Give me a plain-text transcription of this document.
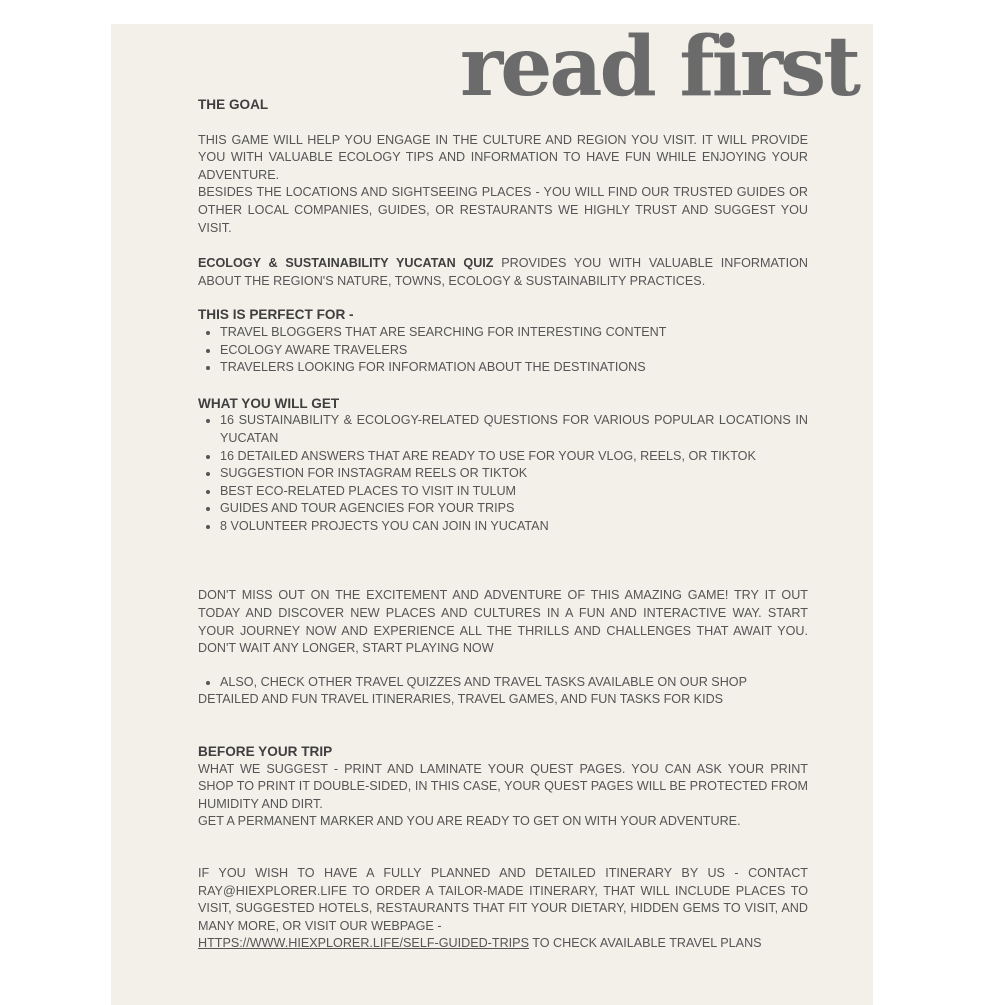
read first

THE GOAL

THIS GAME WILL HELP YOU ENGAGE IN THE CULTURE AND REGION YOU VISIT. IT WILL PROVIDE YOU WITH VALUABLE ECOLOGY TIPS AND INFORMATION TO HAVE FUN WHILE ENJOYING YOUR ADVENTURE.

BESIDES THE LOCATIONS AND SIGHTSEEING PLACES - YOU WILL FIND OUR TRUSTED GUIDES OR OTHER LOCAL COMPANIES, GUIDES, OR RESTAURANTS WE HIGHLY TRUST AND SUGGEST YOU VISIT.

ECOLOGY & SUSTAINABILITY YUCATAN QUIZ PROVIDES YOU WITH VALUABLE INFORMATION ABOUT THE REGION'S NATURE, TOWNS, ECOLOGY & SUSTAINABILITY PRACTICES.

THIS IS PERFECT FOR -

• TRAVEL BLOGGERS THAT ARE SEARCHING FOR INTERESTING CONTENT
• ECOLOGY AWARE TRAVELERS
• TRAVELERS LOOKING FOR INFORMATION ABOUT THE DESTINATIONS

WHAT YOU WILL GET

• 16 SUSTAINABILITY & ECOLOGY-RELATED QUESTIONS FOR VARIOUS POPULAR LOCATIONS IN YUCATAN
• 16 DETAILED ANSWERS THAT ARE READY TO USE FOR YOUR VLOG, REELS, OR TIKTOK
• SUGGESTION FOR INSTAGRAM REELS OR TIKTOK
• BEST ECO-RELATED PLACES TO VISIT IN TULUM
• GUIDES AND TOUR AGENCIES FOR YOUR TRIPS
• 8 VOLUNTEER PROJECTS YOU CAN JOIN IN YUCATAN

DON'T MISS OUT ON THE EXCITEMENT AND ADVENTURE OF THIS AMAZING GAME! TRY IT OUT TODAY AND DISCOVER NEW PLACES AND CULTURES IN A FUN AND INTERACTIVE WAY. START YOUR JOURNEY NOW AND EXPERIENCE ALL THE THRILLS AND CHALLENGES THAT AWAIT YOU. DON'T WAIT ANY LONGER, START PLAYING NOW

• ALSO, CHECK OTHER TRAVEL QUIZZES AND TRAVEL TASKS AVAILABLE ON OUR SHOP

DETAILED AND FUN TRAVEL ITINERARIES, TRAVEL GAMES, AND FUN TASKS FOR KIDS

BEFORE YOUR TRIP

WHAT WE SUGGEST - PRINT AND LAMINATE YOUR QUEST PAGES. YOU CAN ASK YOUR PRINT SHOP TO PRINT IT DOUBLE-SIDED, IN THIS CASE, YOUR QUEST PAGES WILL BE PROTECTED FROM HUMIDITY AND DIRT.

GET A PERMANENT MARKER AND YOU ARE READY TO GET ON WITH YOUR ADVENTURE.

IF YOU WISH TO HAVE A FULLY PLANNED AND DETAILED ITINERARY BY US - CONTACT RAY@HIEXPLORER.LIFE TO ORDER A TAILOR-MADE ITINERARY, THAT WILL INCLUDE PLACES TO VISIT, SUGGESTED HOTELS, RESTAURANTS THAT FIT YOUR DIETARY, HIDDEN GEMS TO VISIT, AND MANY MORE, OR VISIT OUR WEBPAGE -
HTTPS://WWW.HIEXPLORER.LIFE/SELF-GUIDED-TRIPS TO CHECK AVAILABLE TRAVEL PLANS
